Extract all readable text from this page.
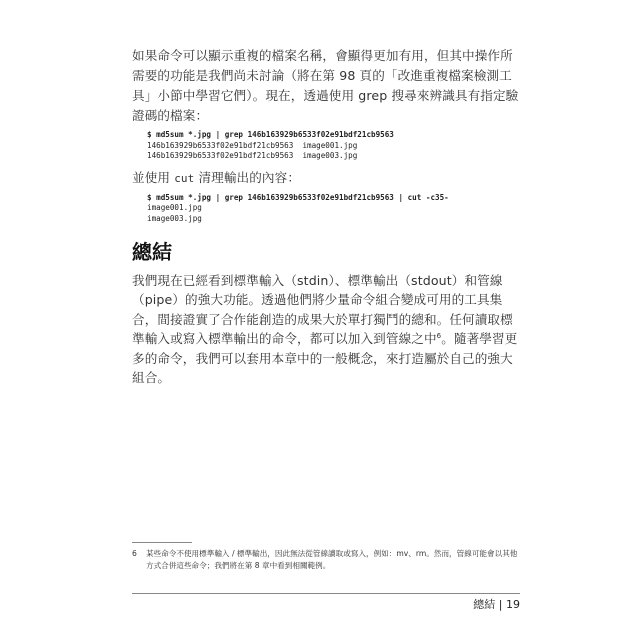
如果命令可以顯示重複的檔案名稱，會顯得更加有用，但其中操作所需要的功能是我們尚未討論（將在第 98 頁的「改進重複檔案檢測工具」小節中學習它們）。現在，透過使用 grep 搜尋來辨識具有指定驗證碼的檔案：

$ md5sum *.jpg | grep 146b163929b6533f02e91bdf21cb9563
146b163929b6533f02e91bdf21cb9563  image001.jpg
146b163929b6533f02e91bdf21cb9563  image003.jpg

並使用 cut 清理輸出的內容：

$ md5sum *.jpg | grep 146b163929b6533f02e91bdf21cb9563 | cut -c35-
image001.jpg
image003.jpg
總結

我們現在已經看到標準輸入（stdin）、標準輸出（stdout）和管線（pipe）的強大功能。透過他們將少量命令組合變成可用的工具集合，間接證實了合作能創造的成果大於單打獨鬥的總和。任何讀取標準輸入或寫入標準輸出的命令，都可以加入到管線之中$^6$。隨著學習更多的命令，我們可以套用本章中的一般概念，來打造屬於自己的強大組合。

6 某些命令不使用標準輸入 / 標準輸出，因此無法從管線讀取或寫入，例如：mv、rm。然而，管線可能會以其他方式合併這些命令；我們將在第 8 章中看到相關範例。
總結 | 19
